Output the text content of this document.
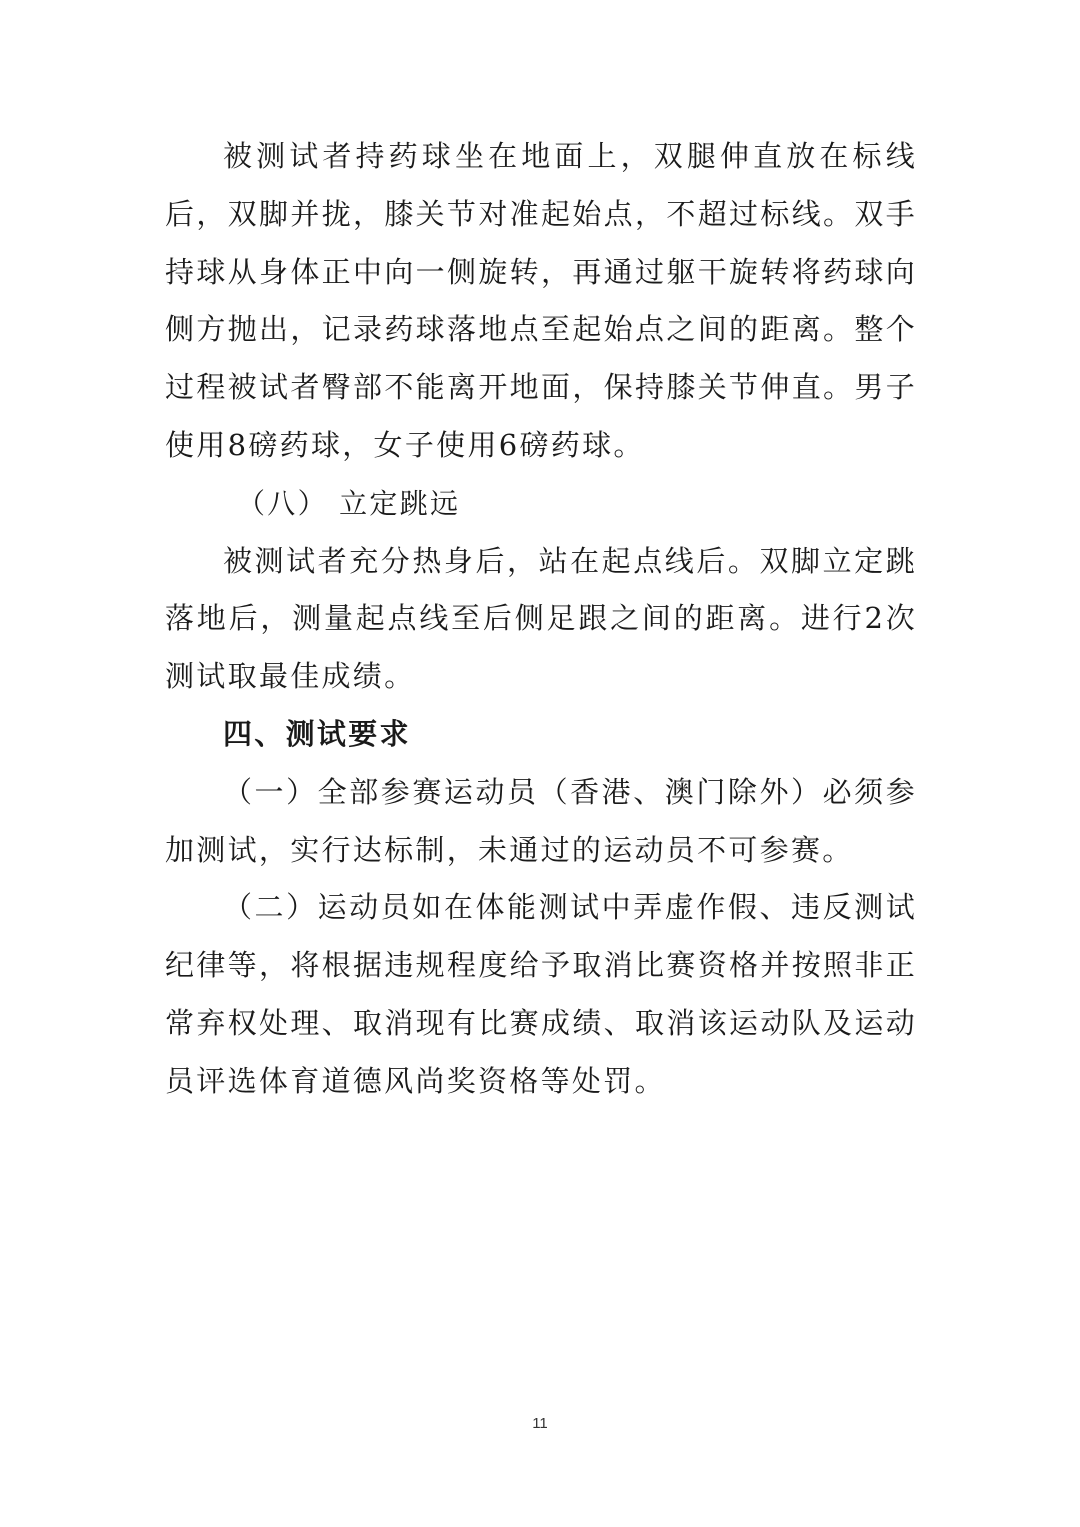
被测试者持药球坐在地面上，双腿伸直放在标线后，双脚并拢，膝关节对准起始点，不超过标线。双手持球从身体正中向一侧旋转，再通过躯干旋转将药球向侧方抛出，记录药球落地点至起始点之间的距离。整个过程被试者臀部不能离开地面，保持膝关节伸直。男子使用8磅药球，女子使用6磅药球。

（八） 立定跳远

被测试者充分热身后，站在起点线后。双脚立定跳落地后，测量起点线至后侧足跟之间的距离。进行2次测试取最佳成绩。

四、测试要求

（一）全部参赛运动员（香港、澳门除外）必须参加测试，实行达标制，未通过的运动员不可参赛。

（二）运动员如在体能测试中弄虚作假、违反测试纪律等，将根据违规程度给予取消比赛资格并按照非正常弃权处理、取消现有比赛成绩、取消该运动队及运动员评选体育道德风尚奖资格等处罚。

11
